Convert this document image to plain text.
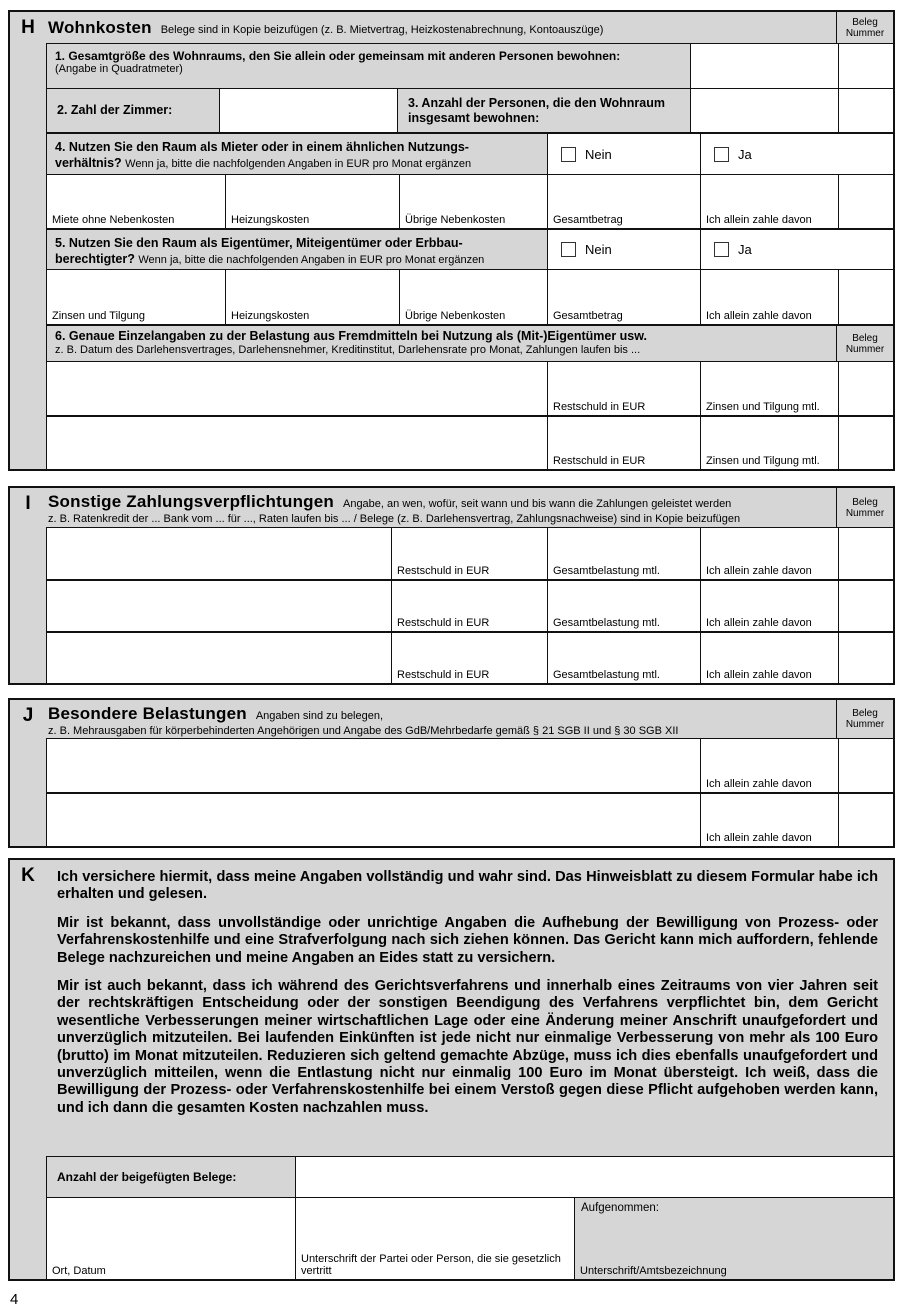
H Wohnkosten Belege sind in Kopie beizufügen (z. B. Mietvertrag, Heizkostenabrechnung, Kontoauszüge)
Beleg
Nummer
1. Gesamtgröße des Wohnraums, den Sie allein oder gemeinsam mit anderen Personen bewohnen:
(Angabe in Quadratmeter)
2. Zahl der Zimmer:
3. Anzahl der Personen, die den Wohnraum insgesamt bewohnen:
4. Nutzen Sie den Raum als Mieter oder in einem ähnlichen Nutzungs-
verhältnis? Wenn ja, bitte die nachfolgenden Angaben in EUR pro Monat ergänzen
Nein	Ja
Miete ohne Nebenkosten	Heizungskosten	Übrige Nebenkosten	Gesamtbetrag	Ich allein zahle davon
5. Nutzen Sie den Raum als Eigentümer, Miteigentümer oder Erbbau-
berechtigter? Wenn ja, bitte die nachfolgenden Angaben in EUR pro Monat ergänzen
Nein	Ja
Zinsen und Tilgung	Heizungskosten	Übrige Nebenkosten	Gesamtbetrag	Ich allein zahle davon
6. Genaue Einzelangaben zu der Belastung aus Fremdmitteln bei Nutzung als (Mit-)Eigentümer usw.
z. B. Datum des Darlehensvertrages, Darlehensnehmer, Kreditinstitut, Darlehensrate pro Monat, Zahlungen laufen bis ...
Beleg
Nummer
Restschuld in EUR	Zinsen und Tilgung mtl.
Restschuld in EUR	Zinsen und Tilgung mtl.
I	Sonstige Zahlungsverpflichtungen Angabe, an wen, wofür, seit wann und bis wann die Zahlungen geleistet werden
z. B. Ratenkredit der ... Bank vom ... für ..., Raten laufen bis ... / Belege (z. B. Darlehensvertrag, Zahlungsnachweise) sind in Kopie beizufügen
Beleg
Nummer
Restschuld in EUR	Gesamtbelastung mtl.	Ich allein zahle davon
Restschuld in EUR	Gesamtbelastung mtl.	Ich allein zahle davon
Restschuld in EUR	Gesamtbelastung mtl.	Ich allein zahle davon
J Besondere Belastungen Angaben sind zu belegen,
z. B. Mehrausgaben für körperbehinderten Angehörigen und Angabe des GdB/Mehrbedarfe gemäß § 21 SGB II und § 30 SGB XII
Beleg
Nummer
Ich allein zahle davon
Ich allein zahle davon
K	Ich versichere hiermit, dass meine Angaben vollständig und wahr sind. Das Hinweisblatt zu diesem Formular habe ich erhalten und gelesen.

Mir ist bekannt, dass unvollständige oder unrichtige Angaben die Aufhebung der Bewilligung von Prozess- oder Verfahrenskostenhilfe und eine Strafverfolgung nach sich ziehen können. Das Gericht kann mich auffordern, fehlende Belege nachzureichen und meine Angaben an Eides statt zu versichern.

Mir ist auch bekannt, dass ich während des Gerichtsverfahrens und innerhalb eines Zeitraums von vier Jahren seit der rechtskräftigen Entscheidung oder der sonstigen Beendigung des Verfahrens verpflichtet bin, dem Gericht wesentliche Verbesserungen meiner wirtschaftlichen Lage oder eine Änderung meiner Anschrift unaufgefordert und unverzüglich mitzuteilen. Bei laufenden Einkünften ist jede nicht nur einmalige Verbesserung von mehr als 100 Euro (brutto) im Monat mitzuteilen. Reduzieren sich geltend gemachte Abzüge, muss ich dies ebenfalls unaufgefordert und unverzüglich mitteilen, wenn die Entlastung nicht nur einmalig 100 Euro im Monat übersteigt. Ich weiß, dass die Bewilligung der Prozess- oder Verfahrenskostenhilfe bei einem Verstoß gegen diese Pflicht aufgehoben werden kann, und ich dann die gesamten Kosten nachzahlen muss.

Anzahl der beigefügten Belege:
Ort, Datum
Unterschrift der Partei oder Person, die sie gesetzlich vertritt
Aufgenommen:
Unterschrift/Amtsbezeichnung
4
